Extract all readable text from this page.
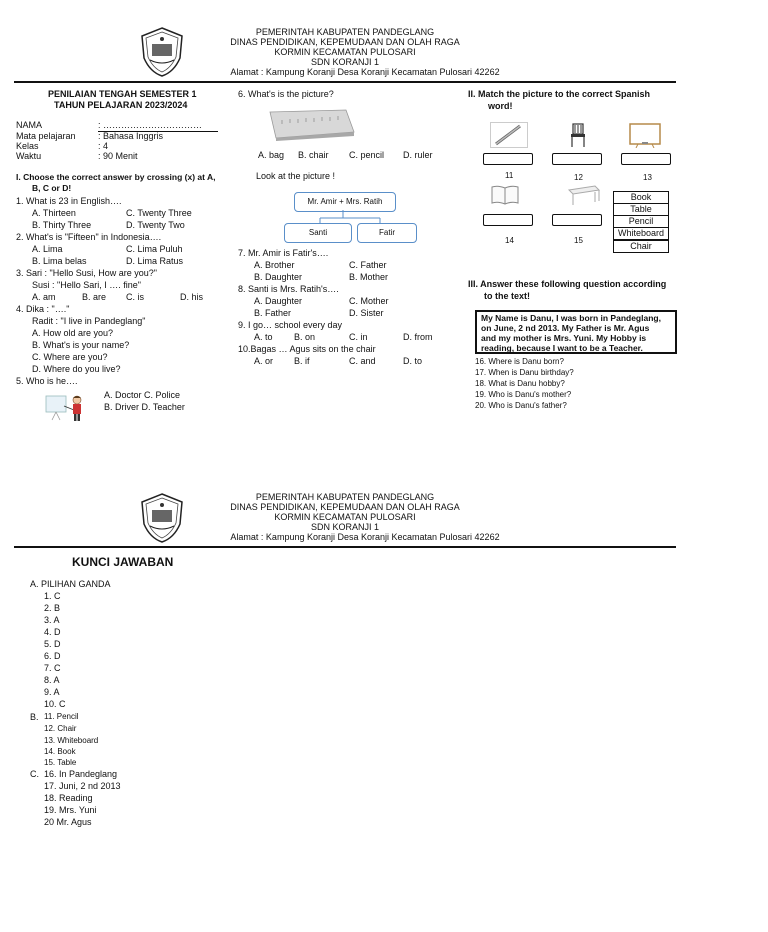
PEMERINTAH KABUPATEN PANDEGLANG
DINAS PENDIDIKAN, KEPEMUDAAN DAN OLAH RAGA
KORMIN KECAMATAN PULOSARI
SDN KORANJI 1
Alamat : Kampung Koranji Desa Koranji Kecamatan Pulosari 42262
PENILAIAN TENGAH SEMESTER 1
TAHUN PELAJARAN 2023/2024
NAMA	: ……………………………
Mata pelajaran : Bahasa Inggris
Kelas	: 4
Waktu	: 90 Menit
I. Choose the correct answer by crossing (x) at A,
B, C or D!
1. What is 23 in English….
A. Thirteen	C. Twenty Three
B. Thirty Three	D. Twenty Two
2. What's is "Fifteen" in Indonesia….
A. Lima	C. Lima Puluh
B. Lima belas	D. Lima Ratus
3. Sari : "Hello Susi, How are you?"
Susi : "Hello Sari, I …. fine"
A. am	B. are C. is	D. his
4. Dika : "…."
Radit : "I live in Pandeglang"
A. How old are you?
B. What's is your name?
C. Where are you?
D. Where do you live?
5. Who is he….
A. Doctor C. Police
B. Driver D. Teacher
6. What's is the picture?
A. bag B. chair C. pencil D. ruler
Look at the picture !
Mr. Amir + Mrs. Ratih
Santi	Fatir
7. Mr. Amir is Fatir's….
A. Brother	C. Father
B. Daughter	B. Mother
8. Santi is Mrs. Ratih's….
A. Daughter	C. Mother
B. Father	D. Sister
9. I go… school every day
A. to B. on	C. in	D. from
10.Bagas … Agus sits on the chair
A. or B. if	C. and	D. to
II. Match the picture to the correct Spanish
word!
11	12	13
Book
Table
Pencil
Whiteboard
Chair
14	15
III. Answer these following question according
to the text!
My Name is Danu, I was born in Pandeglang,
on June, 2 nd 2013. My Father is Mr. Agus
and my mother is Mrs. Yuni. My Hobby is
reading, because I want to be a Teacher.
16. Where is Danu born?
17. When is Danu birthday?
18. What is Danu hobby?
19. Who is Danu's mother?
20. Who is Danu's father?
PEMERINTAH KABUPATEN PANDEGLANG
DINAS PENDIDIKAN, KEPEMUDAAN DAN OLAH RAGA
KORMIN KECAMATAN PULOSARI
SDN KORANJI 1
Alamat : Kampung Koranji Desa Koranji Kecamatan Pulosari 42262
KUNCI JAWABAN
A. PILIHAN GANDA
1. C
2. B
3. A
4. D
5. D
6. D
7. C
8. A
9. A
10. C
B. 11. Pencil
12. Chair
13. Whiteboard
14. Book
15. Table
C. 16. In Pandeglang
17. Juni, 2 nd 2013
18. Reading
19. Mrs. Yuni
20 Mr. Agus
